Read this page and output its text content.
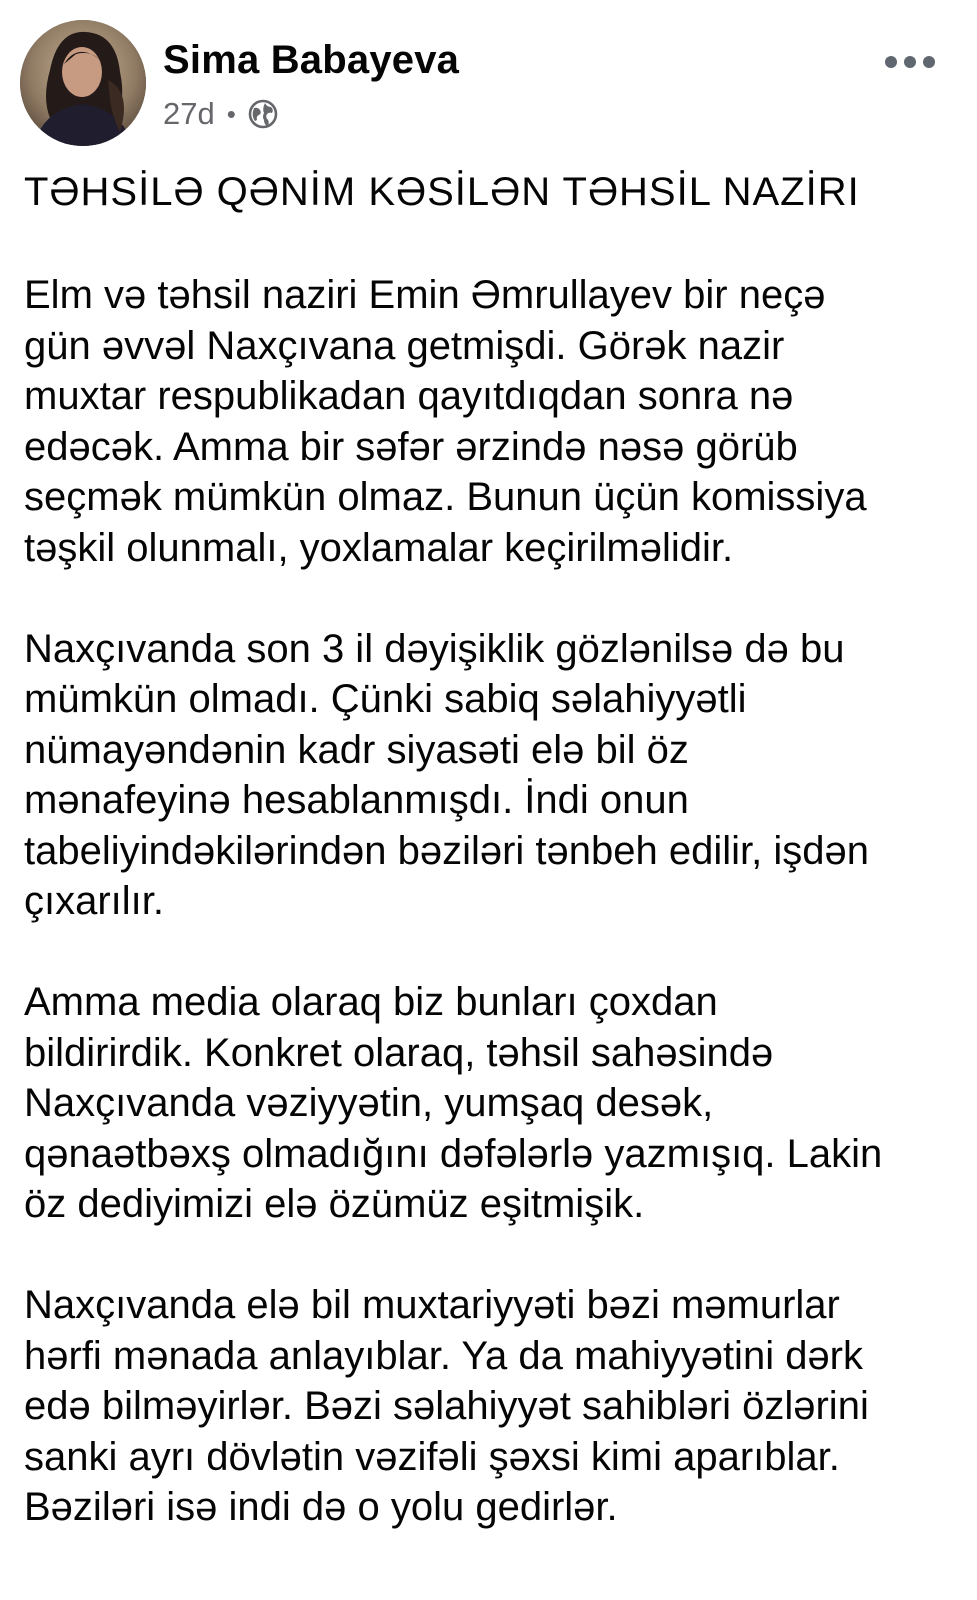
Sima Babayeva
27d •
TƏHSİLƏ QƏNİM KƏSİLƏN TƏHSİL NAZİRI
Elm və təhsil naziri Emin Əmrullayev bir neçə
gün əvvəl Naxçıvana getmişdi. Görək nazir
muxtar respublikadan qayıtdıqdan sonra nə
edəcək. Amma bir səfər ərzində nəsə görüb
seçmək mümkün olmaz. Bunun üçün komissiya
təşkil olunmalı, yoxlamalar keçirilməlidir.
Naxçıvanda son 3 il dəyişiklik gözlənilsə də bu
mümkün olmadı. Çünki sabiq səlahiyyətli
nümayəndənin kadr siyasəti elə bil öz
mənafeyinə hesablanmışdı. İndi onun
tabeliyindəkilərindən bəziləri tənbeh edilir, işdən
çıxarılır.
Amma media olaraq biz bunları çoxdan
bildirirdik. Konkret olaraq, təhsil sahəsində
Naxçıvanda vəziyyətin, yumşaq desək,
qənaətbəxş olmadığını dəfələrlə yazmışıq. Lakin
öz dediyimizi elə özümüz eşitmişik.
Naxçıvanda elə bil muxtariyyəti bəzi məmurlar
hərfi mənada anlayıblar. Ya da mahiyyətini dərk
edə bilməyirlər. Bəzi səlahiyyət sahibləri özlərini
sanki ayrı dövlətin vəzifəli şəxsi kimi aparıblar.
Bəziləri isə indi də o yolu gedirlər.
